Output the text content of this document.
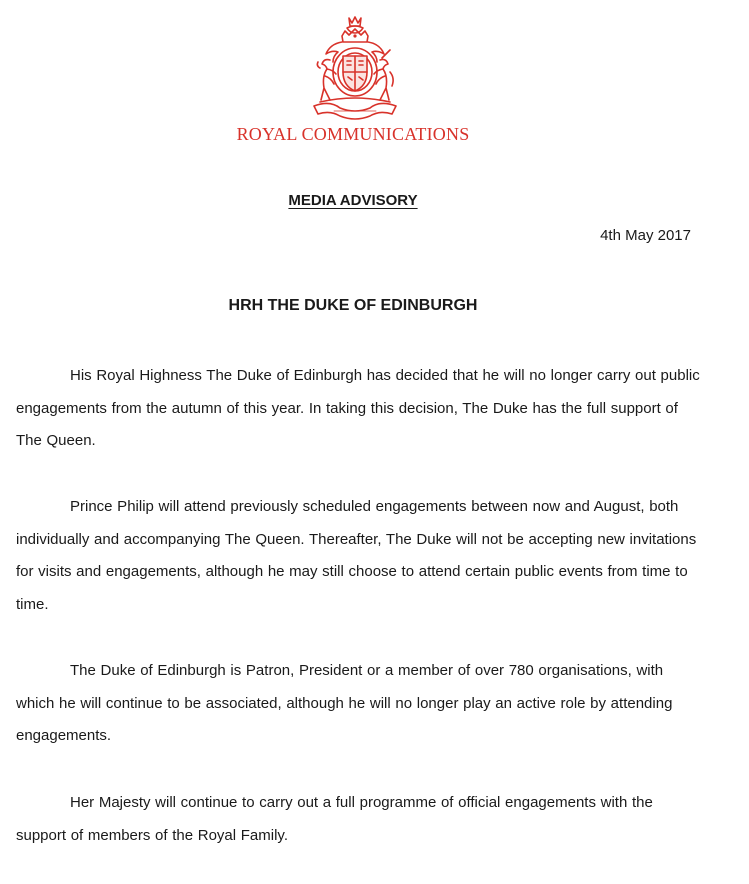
ROYAL COMMUNICATIONS
MEDIA ADVISORY
4th May 2017
HRH THE DUKE OF EDINBURGH

His Royal Highness The Duke of Edinburgh has decided that he will no longer carry out public engagements from the autumn of this year. In taking this decision, The Duke has the full support of The Queen.

Prince Philip will attend previously scheduled engagements between now and August, both individually and accompanying The Queen. Thereafter, The Duke will not be accepting new invitations for visits and engagements, although he may still choose to attend certain public events from time to time.

The Duke of Edinburgh is Patron, President or a member of over 780 organisations, with which he will continue to be associated, although he will no longer play an active role by attending engagements.

Her Majesty will continue to carry out a full programme of official engagements with the support of members of the Royal Family.
